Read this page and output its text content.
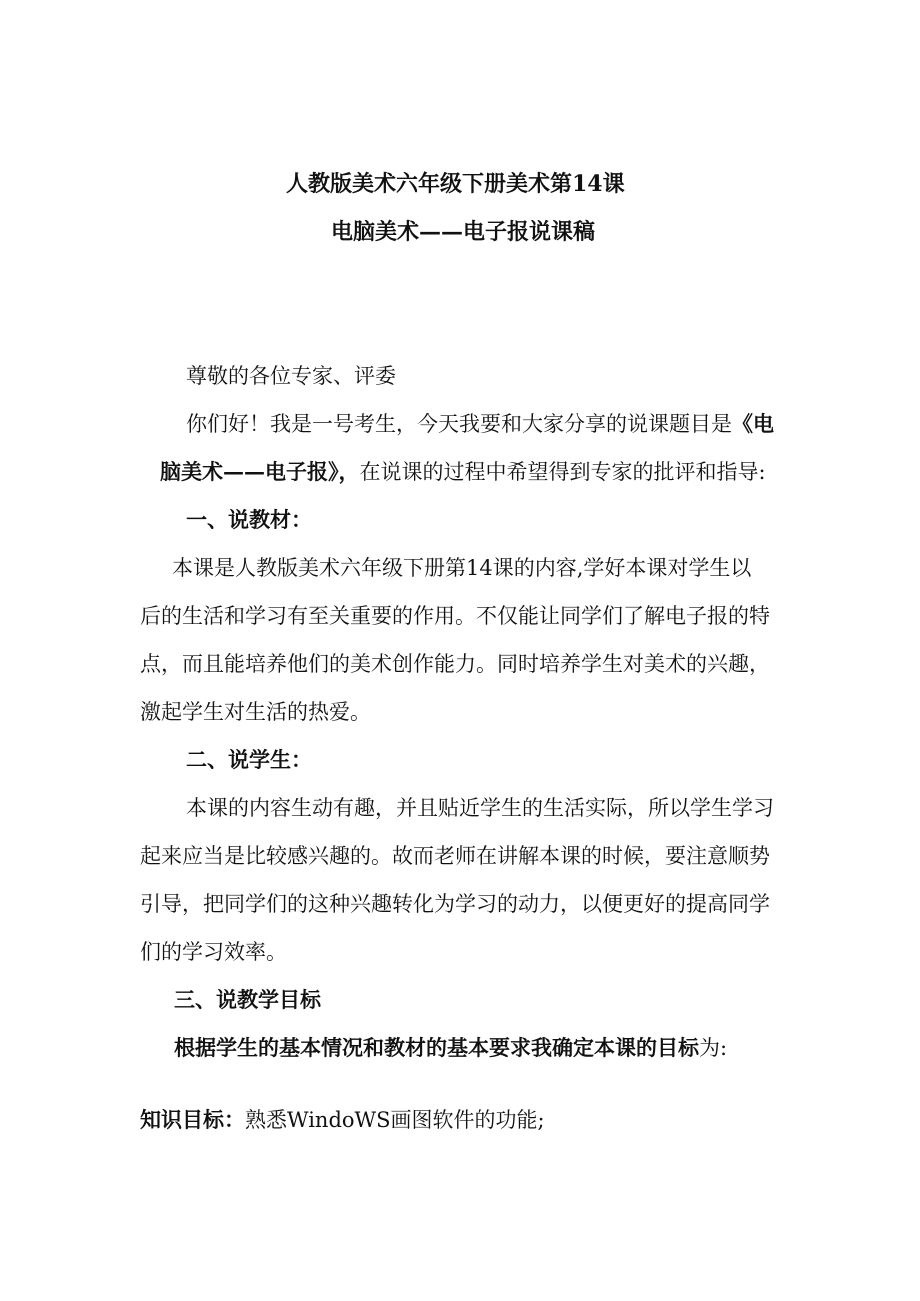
人教版美术六年级下册美术第14课
电脑美术——电子报说课稿
尊敬的各位专家、评委
你们好！我是一号考生，今天我要和大家分享的说课题目是《电
脑美术——电子报》，在说课的过程中希望得到专家的批评和指导:
一、说教材：
本课是人教版美术六年级下册第14课的内容,学好本课对学生以
后的生活和学习有至关重要的作用。不仅能让同学们了解电子报的特
点，而且能培养他们的美术创作能力。同时培养学生对美术的兴趣，
激起学生对生活的热爱。
二、说学生：
本课的内容生动有趣，并且贴近学生的生活实际，所以学生学习
起来应当是比较感兴趣的。故而老师在讲解本课的时候，要注意顺势
引导，把同学们的这种兴趣转化为学习的动力，以便更好的提高同学
们的学习效率。
三、说教学目标
根据学生的基本情况和教材的基本要求我确定本课的目标为:
知识目标：熟悉WindoWS画图软件的功能;
